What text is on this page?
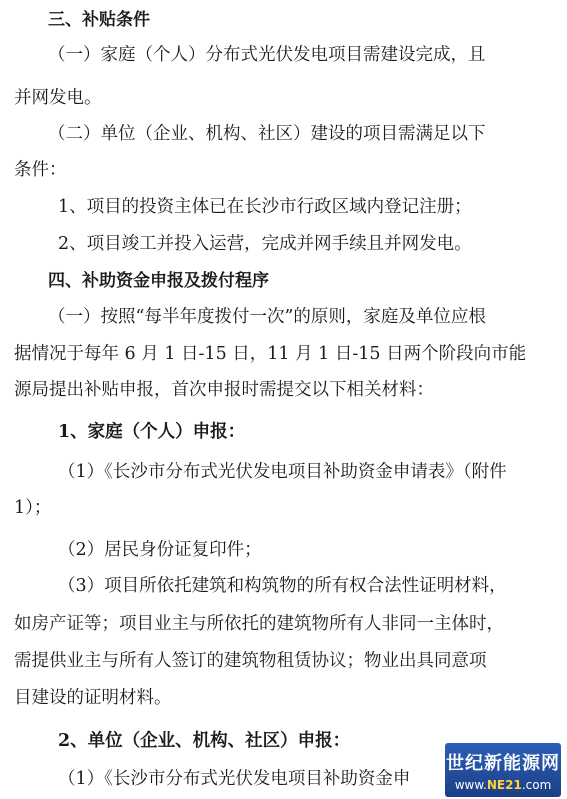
三、补贴条件
（一）家庭（个人）分布式光伏发电项目需建设完成，且
并网发电。
（二）单位（企业、机构、社区）建设的项目需满足以下
条件：
1、项目的投资主体已在长沙市行政区域内登记注册；
2、项目竣工并投入运营，完成并网手续且并网发电。
四、补助资金申报及拨付程序
（一）按照“每半年度拨付一次”的原则，家庭及单位应根
据情况于每年 6 月 1 日-15 日，11 月 1 日-15 日两个阶段向市能
源局提出补贴申报，首次申报时需提交以下相关材料：
1、家庭（个人）申报：
（1）《长沙市分布式光伏发电项目补助资金申请表》（附件
1）；
（2）居民身份证复印件；
（3）项目所依托建筑和构筑物的所有权合法性证明材料，
如房产证等；项目业主与所依托的建筑物所有人非同一主体时，
需提供业主与所有人签订的建筑物租赁协议；物业出具同意项
目建设的证明材料。
2、单位（企业、机构、社区）申报：
（1）《长沙市分布式光伏发电项目补助资金申
世纪新能源网
www.NE21.com
